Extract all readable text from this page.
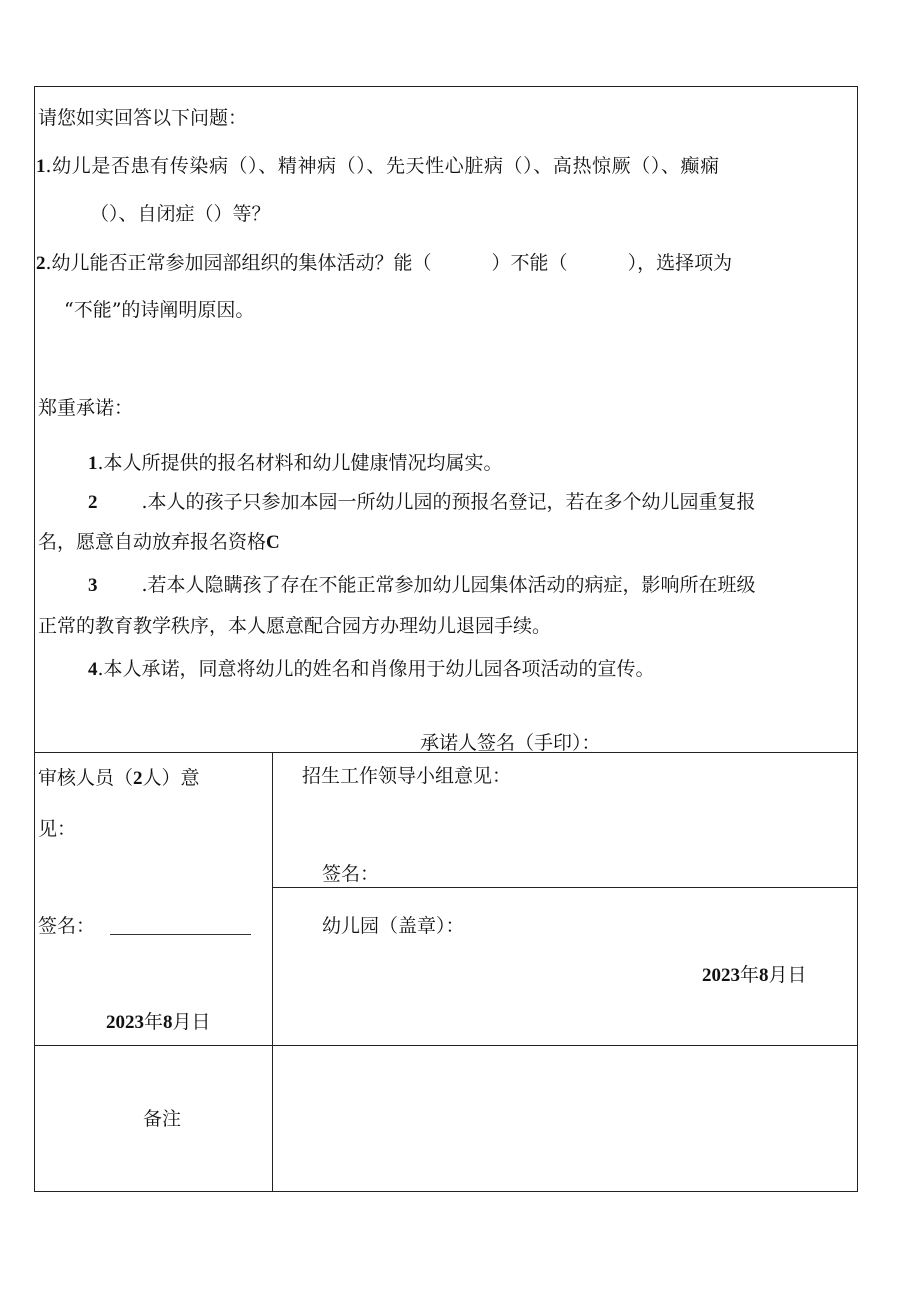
请您如实回答以下问题：
1.幼儿是否患有传染病（）、精神病（）、先天性心脏病（）、高热惊厥（）、癫痫
（）、自闭症（）等？
2.幼儿能否正常参加园部组织的集体活动？能（	）不能（	），选择项为
“不能”的诗阐明原因。
郑重承诺：
1.本人所提供的报名材料和幼儿健康情况均属实。
2 .本人的孩子只参加本园一所幼儿园的预报名登记，若在多个幼儿园重复报
名，愿意自动放弃报名资格C
3 .若本人隐瞒孩了存在不能正常参加幼儿园集体活动的病症，影响所在班级
正常的教育教学秩序，本人愿意配合园方办理幼儿退园手续。
4.本人承诺，同意将幼儿的姓名和肖像用于幼儿园各项活动的宣传。
承诺人签名（手印）：
审核人员（2人）意
见：
签名：
2023年8月日
招生工作领导小组意见：
签名：
幼儿园（盖章）：
2023年8月日
备注
